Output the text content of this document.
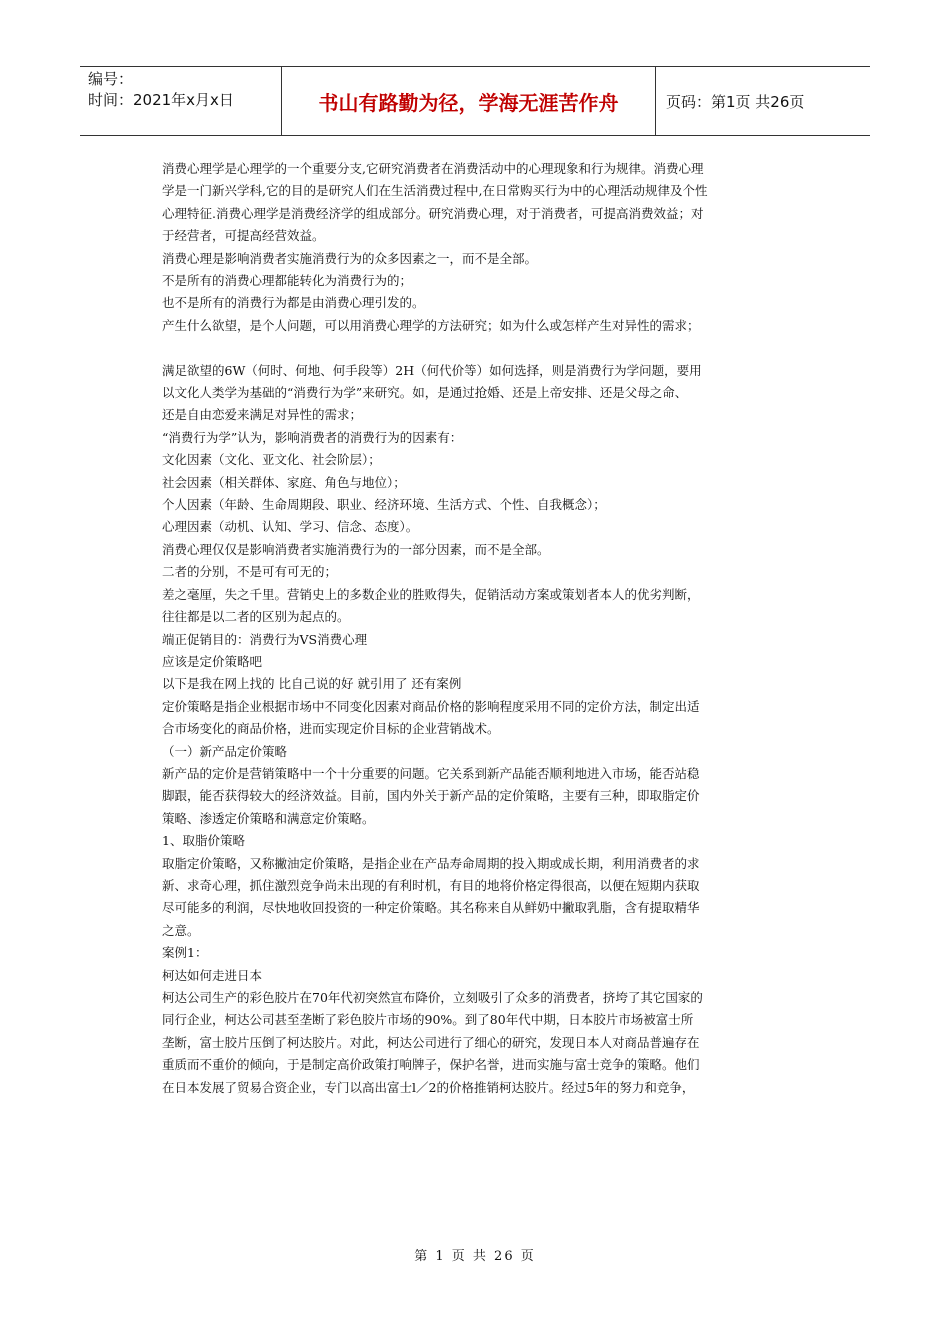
编号：
时间：2021年x月x日	书山有路勤为径，学海无涯苦作舟	页码：第1页 共26页

消费心理学是心理学的一个重要分支,它研究消费者在消费活动中的心理现象和行为规律。消费心理

学是一门新兴学科,它的目的是研究人们在生活消费过程中,在日常购买行为中的心理活动规律及个性

心理特征.消费心理学是消费经济学的组成部分。研究消费心理，对于消费者，可提高消费效益；对

于经营者，可提高经营效益。

消费心理是影响消费者实施消费行为的众多因素之一，而不是全部。

不是所有的消费心理都能转化为消费行为的；

也不是所有的消费行为都是由消费心理引发的。

产生什么欲望，是个人问题，可以用消费心理学的方法研究；如为什么或怎样产生对异性的需求；

满足欲望的6W（何时、何地、何手段等）2H（何代价等）如何选择，则是消费行为学问题，要用

以文化人类学为基础的“消费行为学”来研究。如，是通过抢婚、还是上帝安排、还是父母之命、

还是自由恋爱来满足对异性的需求；

“消费行为学”认为，影响消费者的消费行为的因素有：

文化因素（文化、亚文化、社会阶层）；

社会因素（相关群体、家庭、角色与地位）；

个人因素（年龄、生命周期段、职业、经济环境、生活方式、个性、自我概念）；

心理因素（动机、认知、学习、信念、态度）。

消费心理仅仅是影响消费者实施消费行为的一部分因素，而不是全部。

二者的分别，不是可有可无的；

差之毫厘，失之千里。营销史上的多数企业的胜败得失，促销活动方案或策划者本人的优劣判断，

往往都是以二者的区别为起点的。

端正促销目的：消费行为VS消费心理

应该是定价策略吧

以下是我在网上找的 比自己说的好 就引用了 还有案例

定价策略是指企业根据市场中不同变化因素对商品价格的影响程度采用不同的定价方法，制定出适

合市场变化的商品价格，进而实现定价目标的企业营销战术。

（一）新产品定价策略

新产品的定价是营销策略中一个十分重要的问题。它关系到新产品能否顺利地进入市场，能否站稳

脚跟，能否获得较大的经济效益。目前，国内外关于新产品的定价策略，主要有三种，即取脂定价

策略、渗透定价策略和满意定价策略。

1、取脂价策略

取脂定价策略，又称撇油定价策略，是指企业在产品寿命周期的投入期或成长期，利用消费者的求

新、求奇心理，抓住激烈竞争尚未出现的有利时机，有目的地将价格定得很高，以便在短期内获取

尽可能多的利润，尽快地收回投资的一种定价策略。其名称来自从鲜奶中撇取乳脂，含有提取精华

之意。

案例1：

柯达如何走进日本

柯达公司生产的彩色胶片在70年代初突然宣布降价，立刻吸引了众多的消费者，挤垮了其它国家的

同行企业，柯达公司甚至垄断了彩色胶片市场的90%。到了80年代中期，日本胶片市场被富士所

垄断，富士胶片压倒了柯达胶片。对此，柯达公司进行了细心的研究，发现日本人对商品普遍存在

重质而不重价的倾向，于是制定高价政策打响牌子，保护名誉，进而实施与富士竞争的策略。他们

在日本发展了贸易合资企业，专门以高出富士l／2的价格推销柯达胶片。经过5年的努力和竞争，

第 1 页 共 26 页
